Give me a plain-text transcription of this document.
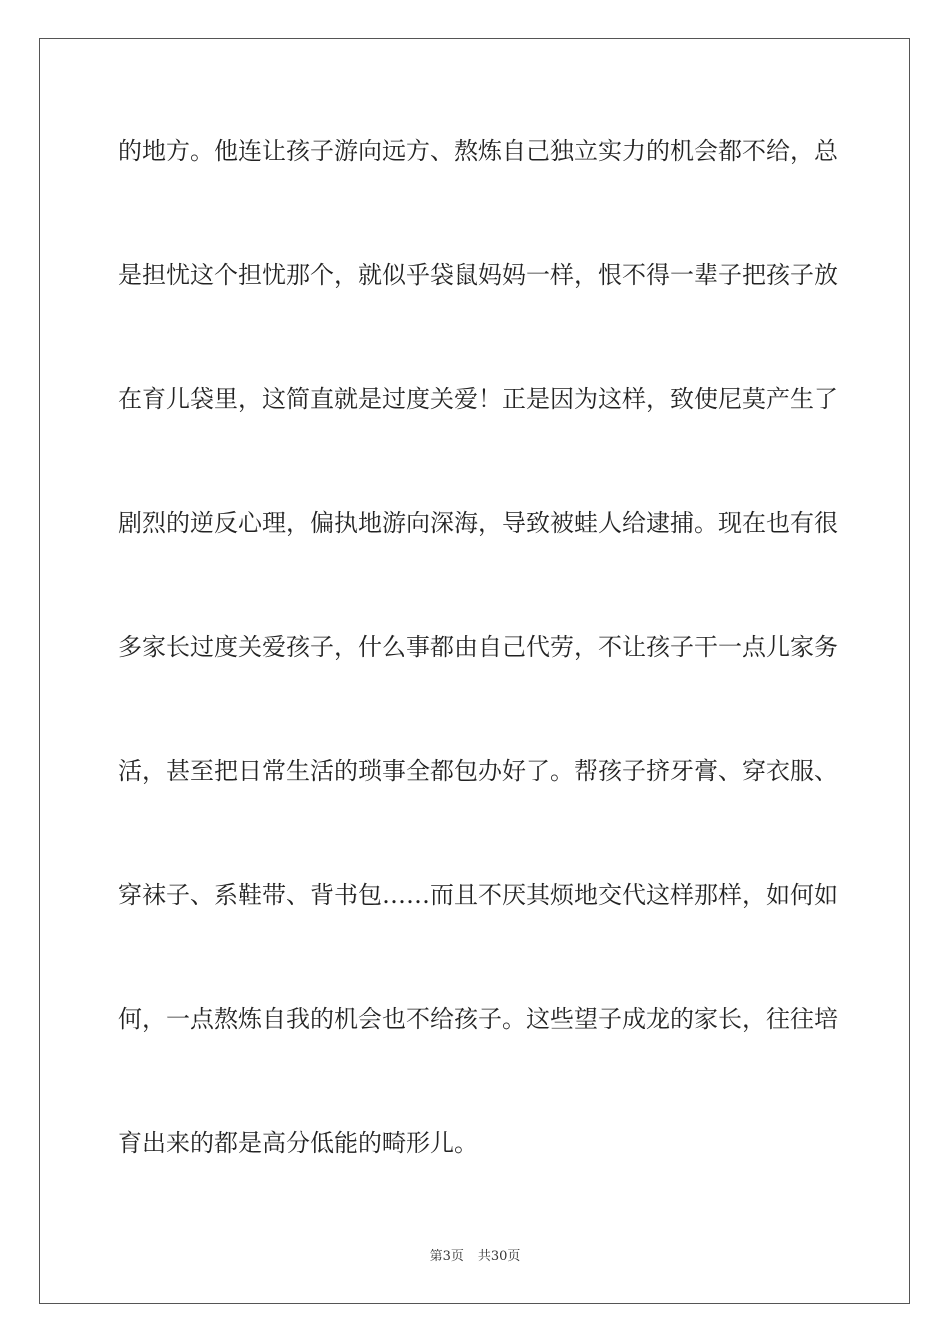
的地方。他连让孩子游向远方、熬炼自己独立实力的机会都不给，总
是担忧这个担忧那个，就似乎袋鼠妈妈一样，恨不得一辈子把孩子放
在育儿袋里，这简直就是过度关爱！正是因为这样，致使尼莫产生了
剧烈的逆反心理，偏执地游向深海，导致被蛙人给逮捕。现在也有很
多家长过度关爱孩子，什么事都由自己代劳，不让孩子干一点儿家务
活，甚至把日常生活的琐事全都包办好了。帮孩子挤牙膏、穿衣服、
穿袜子、系鞋带、背书包……而且不厌其烦地交代这样那样，如何如
何，一点熬炼自我的机会也不给孩子。这些望子成龙的家长，往往培
育出来的都是高分低能的畸形儿。
第3页 共30页
